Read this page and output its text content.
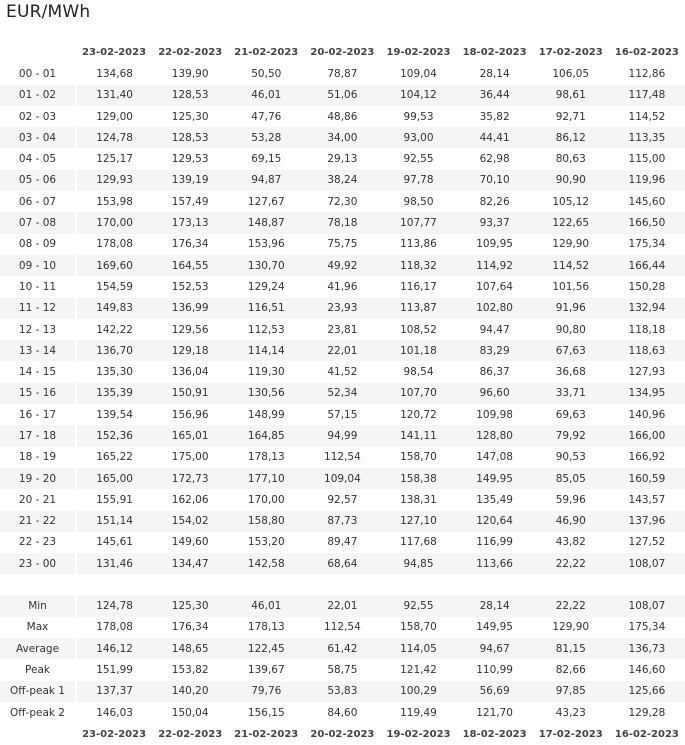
EUR/MWh
	23-02-2023	22-02-2023	21-02-2023	20-02-2023	19-02-2023	18-02-2023	17-02-2023	16-02-2023
00 - 01	134,68	139,90	50,50	78,87	109,04	28,14	106,05	112,86
01 - 02	131,40	128,53	46,01	51,06	104,12	36,44	98,61	117,48
02 - 03	129,00	125,30	47,76	48,86	99,53	35,82	92,71	114,52
03 - 04	124,78	128,53	53,28	34,00	93,00	44,41	86,12	113,35
04 - 05	125,17	129,53	69,15	29,13	92,55	62,98	80,63	115,00
05 - 06	129,93	139,19	94,87	38,24	97,78	70,10	90,90	119,96
06 - 07	153,98	157,49	127,67	72,30	98,50	82,26	105,12	145,60
07 - 08	170,00	173,13	148,87	78,18	107,77	93,37	122,65	166,50
08 - 09	178,08	176,34	153,96	75,75	113,86	109,95	129,90	175,34
09 - 10	169,60	164,55	130,70	49,92	118,32	114,92	114,52	166,44
10 - 11	154,59	152,53	129,24	41,96	116,17	107,64	101,56	150,28
11 - 12	149,83	136,99	116,51	23,93	113,87	102,80	91,96	132,94
12 - 13	142,22	129,56	112,53	23,81	108,52	94,47	90,80	118,18
13 - 14	136,70	129,18	114,14	22,01	101,18	83,29	67,63	118,63
14 - 15	135,30	136,04	119,30	41,52	98,54	86,37	36,68	127,93
15 - 16	135,39	150,91	130,56	52,34	107,70	96,60	33,71	134,95
16 - 17	139,54	156,96	148,99	57,15	120,72	109,98	69,63	140,96
17 - 18	152,36	165,01	164,85	94,99	141,11	128,80	79,92	166,00
18 - 19	165,22	175,00	178,13	112,54	158,70	147,08	90,53	166,92
19 - 20	165,00	172,73	177,10	109,04	158,38	149,95	85,05	160,59
20 - 21	155,91	162,06	170,00	92,57	138,31	135,49	59,96	143,57
21 - 22	151,14	154,02	158,80	87,73	127,10	120,64	46,90	137,96
22 - 23	145,61	149,60	153,20	89,47	117,68	116,99	43,82	127,52
23 - 00	131,46	134,47	142,58	68,64	94,85	113,66	22,22	108,07

Min	124,78	125,30	46,01	22,01	92,55	28,14	22,22	108,07
Max	178,08	176,34	178,13	112,54	158,70	149,95	129,90	175,34
Average	146,12	148,65	122,45	61,42	114,05	94,67	81,15	136,73
Peak	151,99	153,82	139,67	58,75	121,42	110,99	82,66	146,60
Off-peak 1	137,37	140,20	79,76	53,83	100,29	56,69	97,85	125,66
Off-peak 2	146,03	150,04	156,15	84,60	119,49	121,70	43,23	129,28
	23-02-2023	22-02-2023	21-02-2023	20-02-2023	19-02-2023	18-02-2023	17-02-2023	16-02-2023
